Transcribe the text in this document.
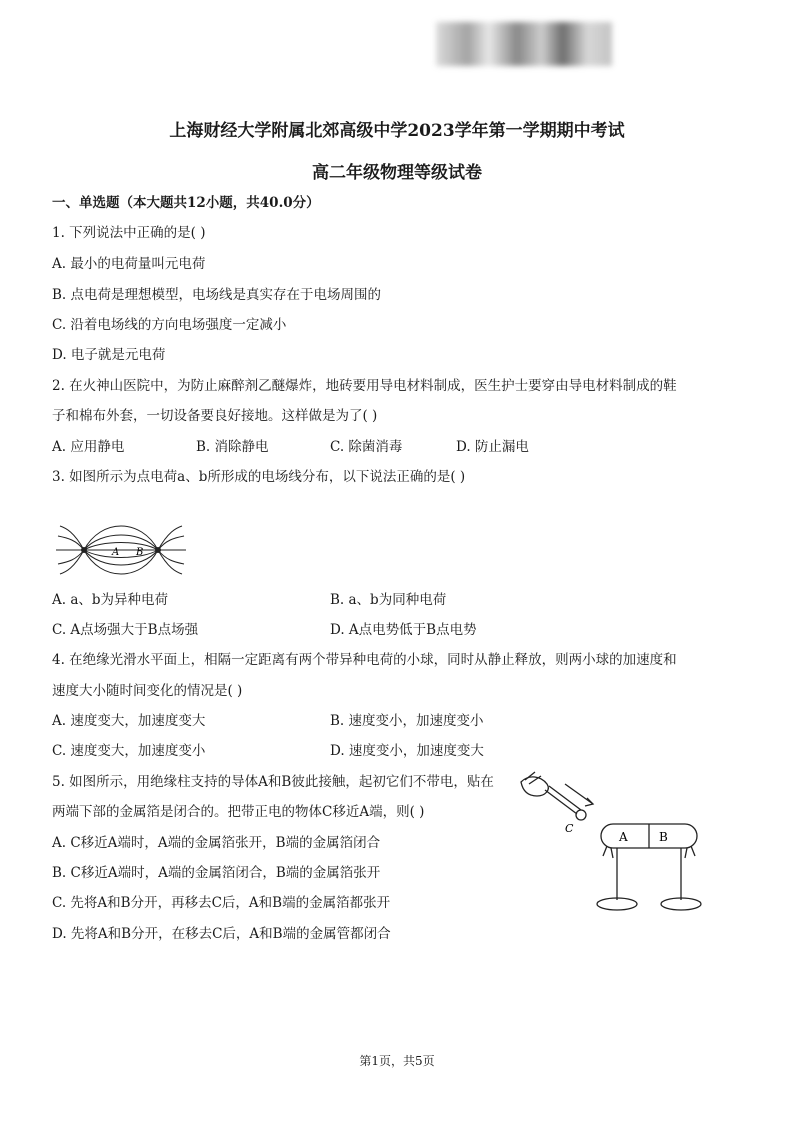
上海财经大学附属北郊高级中学2023学年第一学期期中考试
高二年级物理等级试卷
一、单选题（本大题共12小题，共40.0分）
1. 下列说法中正确的是( )
A. 最小的电荷量叫元电荷
B. 点电荷是理想模型，电场线是真实存在于电场周围的
C. 沿着电场线的方向电场强度一定减小
D. 电子就是元电荷
2. 在火神山医院中，为防止麻醉剂乙醚爆炸，地砖要用导电材料制成，医生护士要穿由导电材料制成的鞋
子和棉布外套，一切设备要良好接地。这样做是为了( )
A. 应用静电	B. 消除静电	C. 除菌消毒	D. 防止漏电
3. 如图所示为点电荷a、b所形成的电场线分布，以下说法正确的是( )
A B
A. a、b为异种电荷	B. a、b为同种电荷
C. A点场强大于B点场强	D. A点电势低于B点电势
4. 在绝缘光滑水平面上，相隔一定距离有两个带异种电荷的小球，同时从静止释放，则两小球的加速度和
速度大小随时间变化的情况是( )
A. 速度变大，加速度变大	B. 速度变小，加速度变小
C. 速度变大，加速度变小	D. 速度变小，加速度变大
5. 如图所示，用绝缘柱支持的导体A和B彼此接触，起初它们不带电，贴在
两端下部的金属箔是闭合的。把带正电的物体C移近A端，则( )
A. C移近A端时，A端的金属箔张开，B端的金属箔闭合
B. C移近A端时，A端的金属箔闭合，B端的金属箔张开
C. 先将A和B分开，再移去C后，A和B端的金属箔都张开
D. 先将A和B分开，在移去C后，A和B端的金属管都闭合
C
A	B
第1页，共5页
